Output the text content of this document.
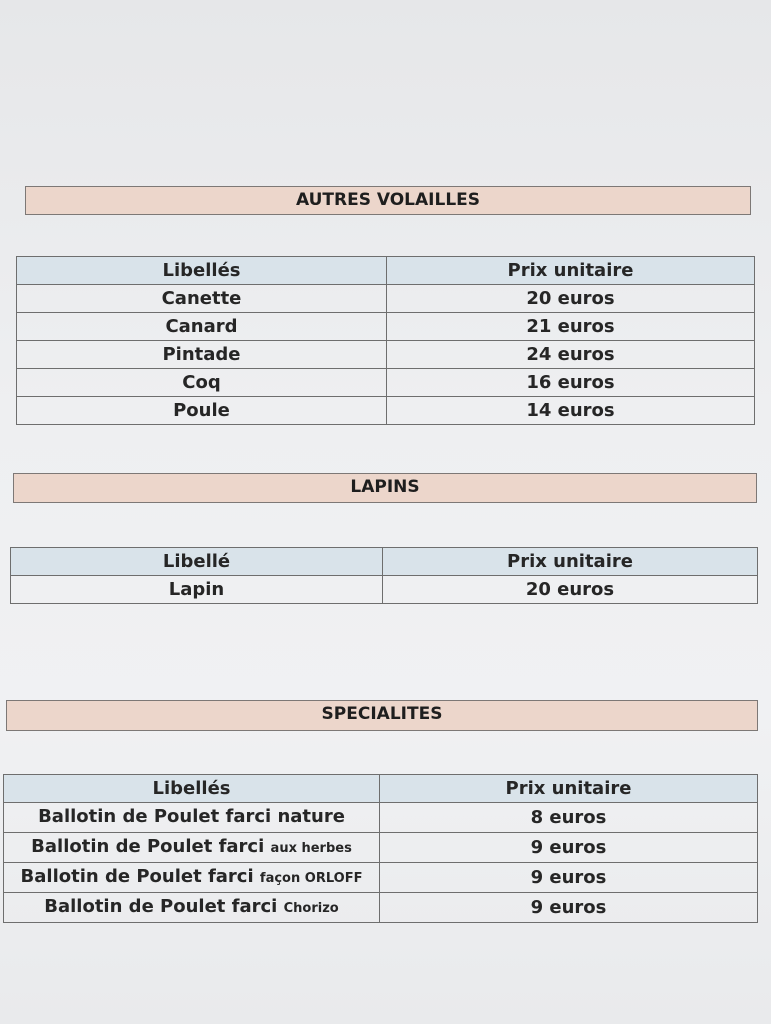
AUTRES VOLAILLES
Libellés	Prix unitaire
Canette	20 euros
Canard	21 euros
Pintade	24 euros
Coq	16 euros
Poule	14 euros
LAPINS
Libellé	Prix unitaire
Lapin	20 euros
SPECIALITES
Libellés	Prix unitaire
Ballotin de Poulet farci nature	8 euros
Ballotin de Poulet farci aux herbes	9 euros
Ballotin de Poulet farci façon ORLOFF	9 euros
Ballotin de Poulet farci Chorizo	9 euros
